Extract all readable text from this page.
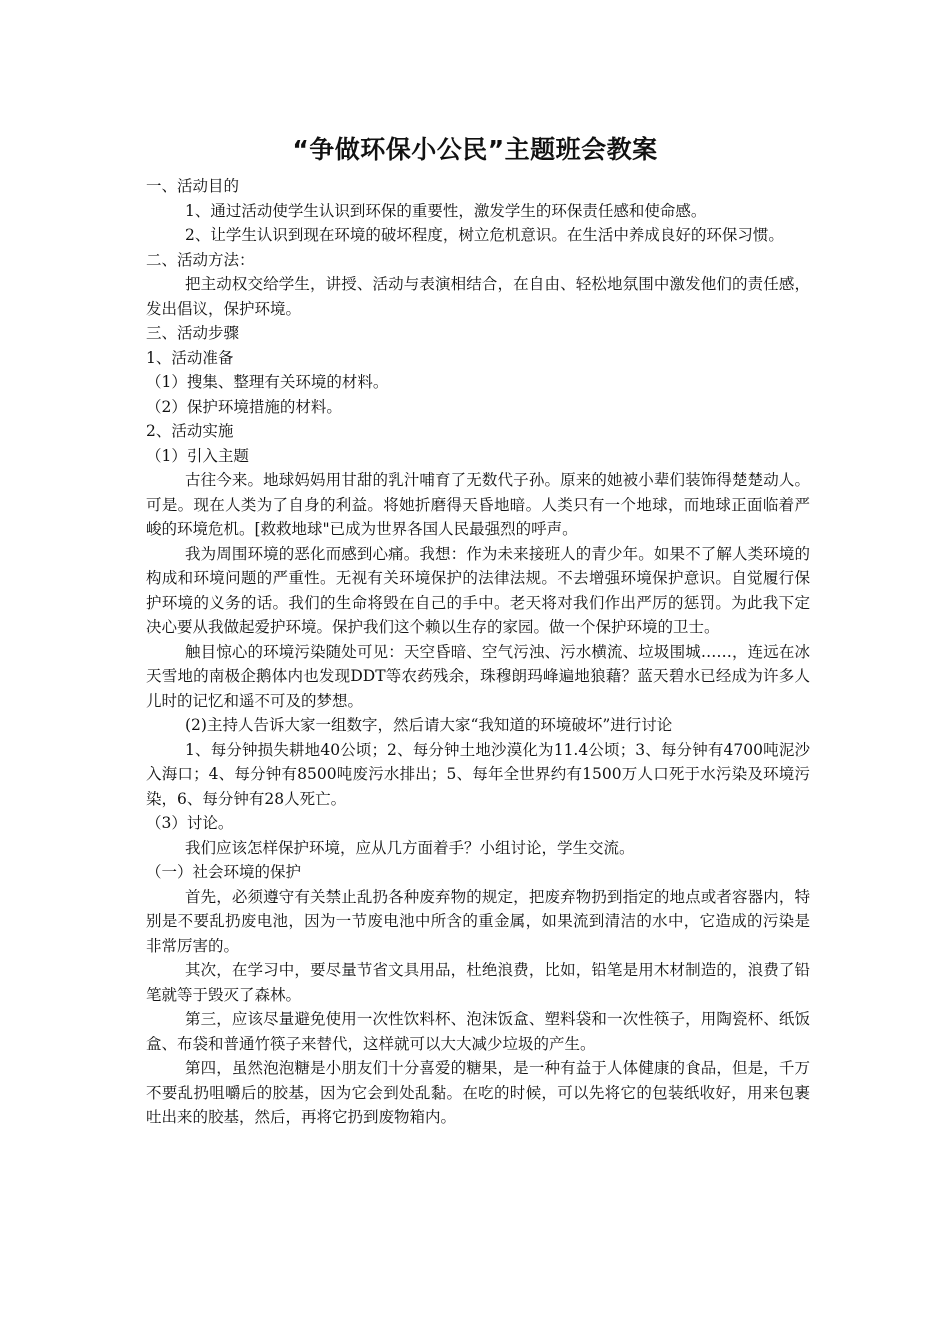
“争做环保小公民”主题班会教案

一、活动目的

1、通过活动使学生认识到环保的重要性，激发学生的环保责任感和使命感。

2、让学生认识到现在环境的破坏程度，树立危机意识。在生活中养成良好的环保习惯。

二、活动方法：

把主动权交给学生，讲授、活动与表演相结合，在自由、轻松地氛围中激发他们的责任感，发出倡议，保护环境。

三、活动步骤

1、活动准备

（1）搜集、整理有关环境的材料。

（2）保护环境措施的材料。

2、活动实施

（1）引入主题

古往今来。地球妈妈用甘甜的乳汁哺育了无数代子孙。原来的她被小辈们装饰得楚楚动人。可是。现在人类为了自身的利益。将她折磨得天昏地暗。人类只有一个地球，而地球正面临着严峻的环境危机。[救救地球"已成为世界各国人民最强烈的呼声。

我为周围环境的恶化而感到心痛。我想：作为未来接班人的青少年。如果不了解人类环境的构成和环境问题的严重性。无视有关环境保护的法律法规。不去增强环境保护意识。自觉履行保护环境的义务的话。我们的生命将毁在自己的手中。老天将对我们作出严厉的惩罚。为此我下定决心要从我做起爱护环境。保护我们这个赖以生存的家园。做一个保护环境的卫士。

触目惊心的环境污染随处可见：天空昏暗、空气污浊、污水横流、垃圾围城……，连远在冰天雪地的南极企鹅体内也发现DDT等农药残余，珠穆朗玛峰遍地狼藉？蓝天碧水已经成为许多人儿时的记忆和遥不可及的梦想。

(2)主持人告诉大家一组数字，然后请大家“我知道的环境破坏”进行讨论

1、每分钟损失耕地40公顷；2、每分钟土地沙漠化为11.4公顷；3、每分钟有4700吨泥沙入海口；4、每分钟有8500吨废污水排出；5、每年全世界约有1500万人口死于水污染及环境污染，6、每分钟有28人死亡。

（3）讨论。

我们应该怎样保护环境，应从几方面着手？小组讨论，学生交流。

（一）社会环境的保护

首先，必须遵守有关禁止乱扔各种废弃物的规定，把废弃物扔到指定的地点或者容器内，特别是不要乱扔废电池，因为一节废电池中所含的重金属，如果流到清洁的水中，它造成的污染是非常厉害的。

其次，在学习中，要尽量节省文具用品，杜绝浪费，比如，铅笔是用木材制造的，浪费了铅笔就等于毁灭了森林。

第三，应该尽量避免使用一次性饮料杯、泡沫饭盒、塑料袋和一次性筷子，用陶瓷杯、纸饭盒、布袋和普通竹筷子来替代，这样就可以大大减少垃圾的产生。

第四，虽然泡泡糖是小朋友们十分喜爱的糖果，是一种有益于人体健康的食品，但是，千万不要乱扔咀嚼后的胶基，因为它会到处乱黏。在吃的时候，可以先将它的包装纸收好，用来包裹吐出来的胶基，然后，再将它扔到废物箱内。
